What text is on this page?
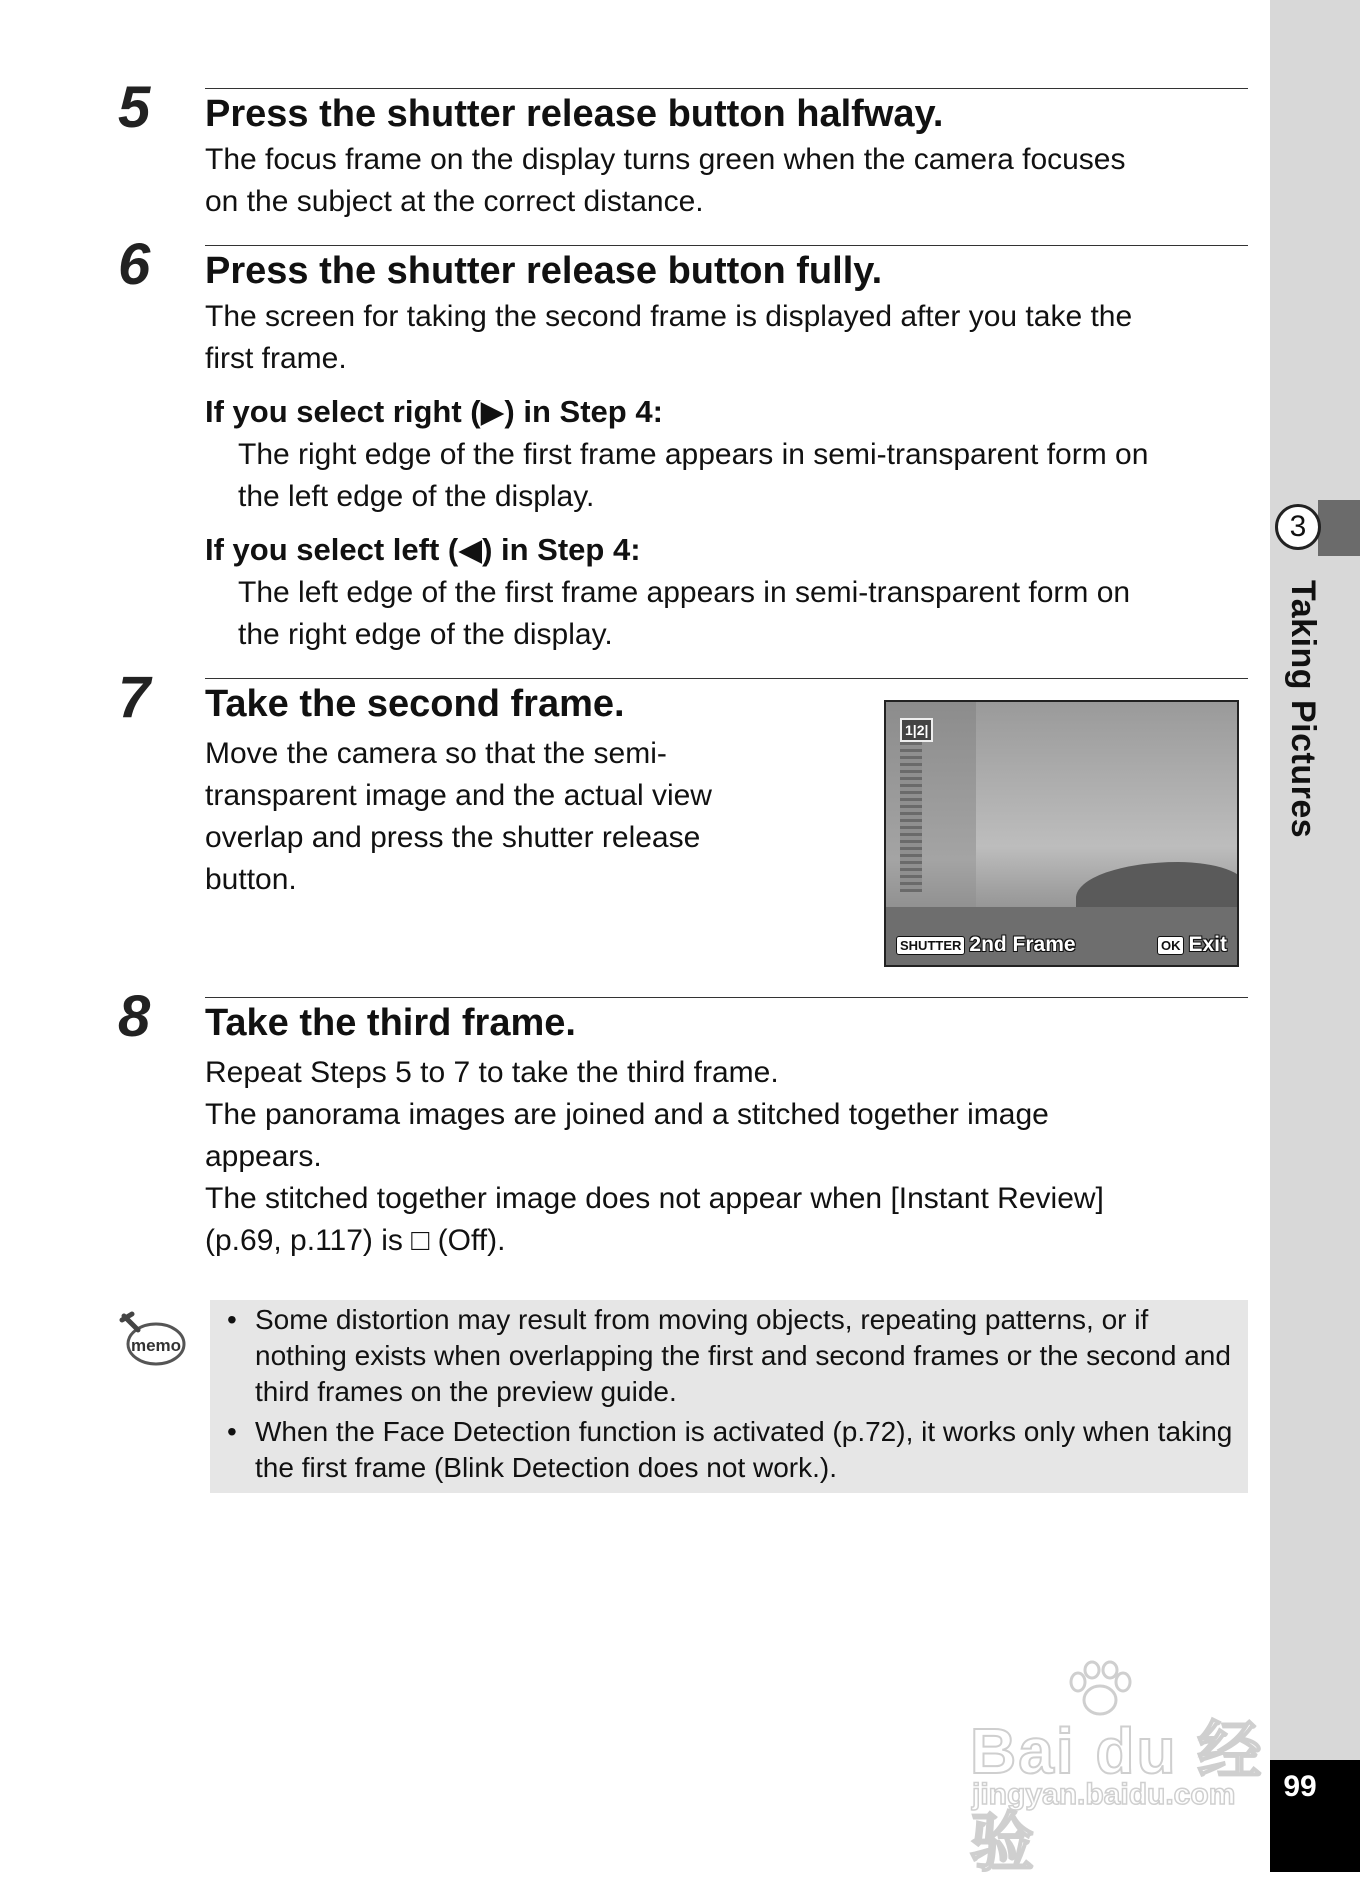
3
Taking Pictures
99
5 Press the shutter release button halfway.
The focus frame on the display turns green when the camera focuses
on the subject at the correct distance.
6 Press the shutter release button fully.
The screen for taking the second frame is displayed after you take the
first frame.
If you select right (▶) in Step 4:
The right edge of the first frame appears in semi-transparent form on
the left edge of the display.
If you select left (◀) in Step 4:
The left edge of the first frame appears in semi-transparent form on
the right edge of the display.
7 Take the second frame.
Move the camera so that the semi-
transparent image and the actual view
overlap and press the shutter release
button.
1|2|
SHUTTER 2nd Frame	OK Exit
8 Take the third frame.
Repeat Steps 5 to 7 to take the third frame.
The panorama images are joined and a stitched together image
appears.
The stitched together image does not appear when [Instant Review]
(p.69, p.117) is □ (Off).
memo
• Some distortion may result from moving objects, repeating patterns, or if nothing exists when overlapping the first and second frames or the second and third frames on the preview guide.
• When the Face Detection function is activated (p.72), it works only when taking the first frame (Blink Detection does not work.).
Bai du 经验
jingyan.baidu.com
